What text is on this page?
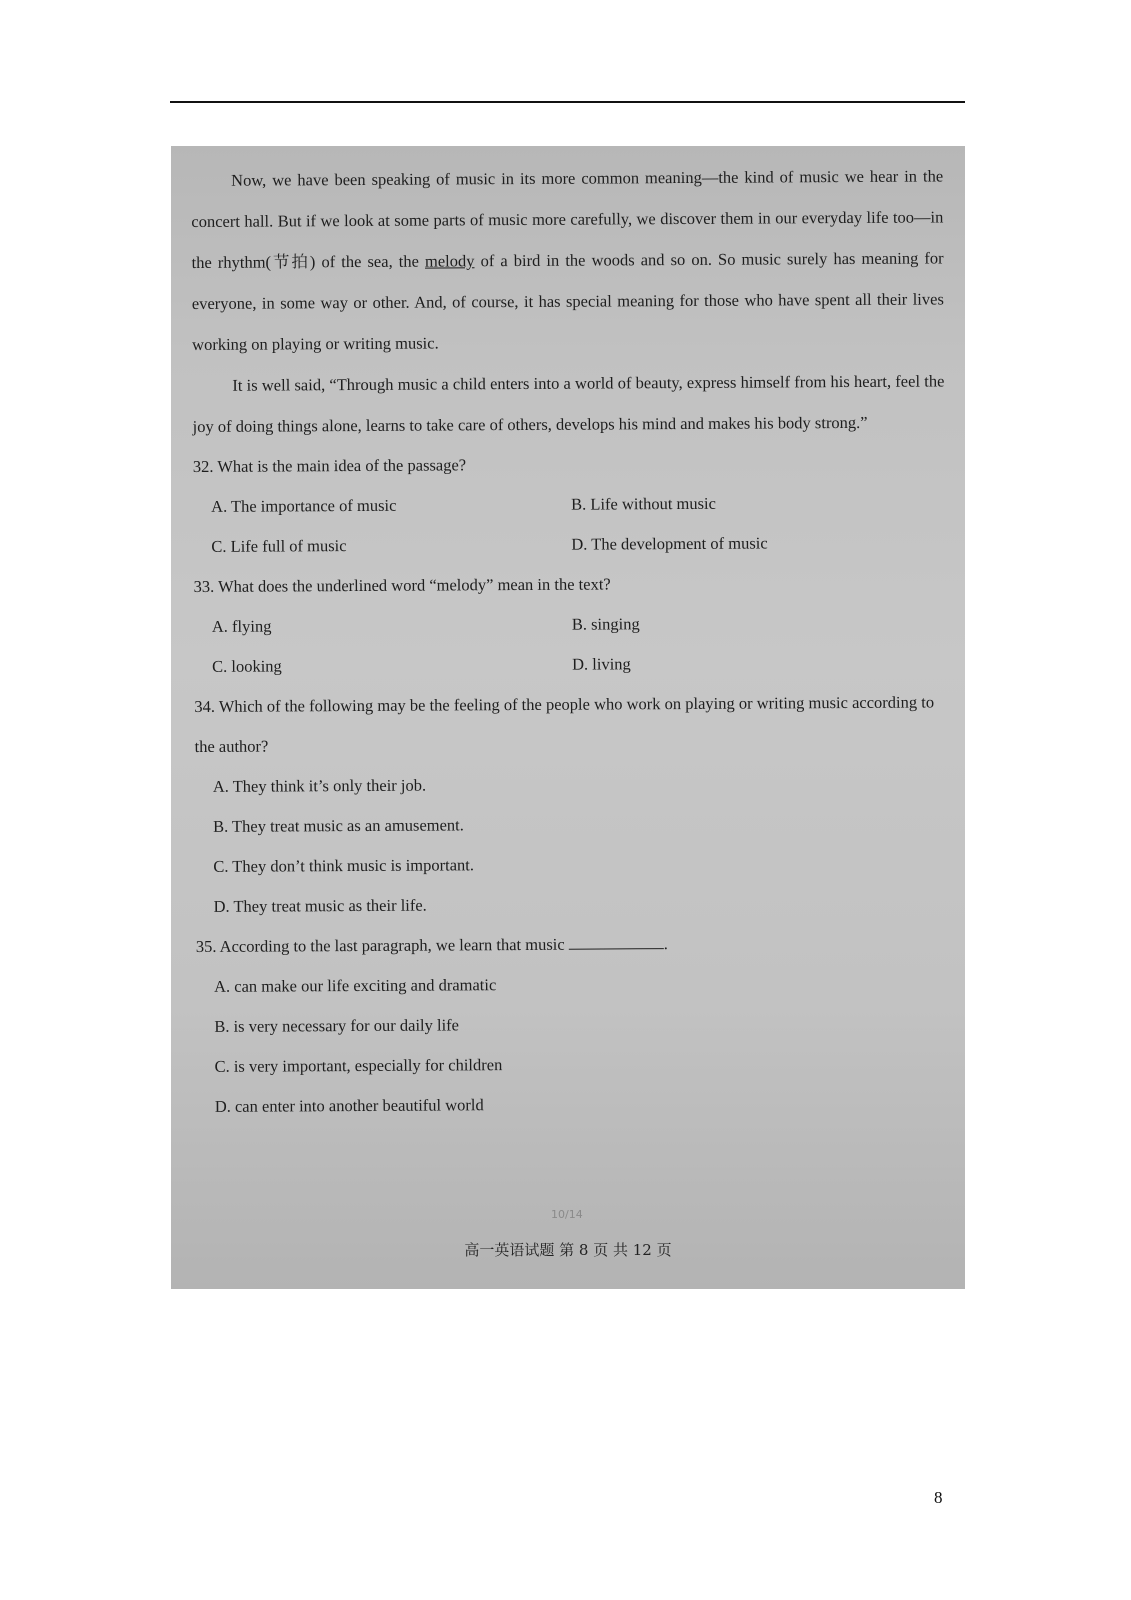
Now, we have been speaking of music in its more common meaning—the kind of music we hear in the concert hall. But if we look at some parts of music more carefully, we discover them in our everyday life too—in the rhythm(节拍) of the sea, the melody of a bird in the woods and so on. So music surely has meaning for everyone, in some way or other. And, of course, it has special meaning for those who have spent all their lives working on playing or writing music.

It is well said, “Through music a child enters into a world of beauty, express himself from his heart, feel the joy of doing things alone, learns to take care of others, develops his mind and makes his body strong.”

32. What is the main idea of the passage?

A. The importance of music	B. Life without music
C. Life full of music	D. The development of music

33. What does the underlined word “melody” mean in the text?

A. flying	B. singing
C. looking	D. living

34. Which of the following may be the feeling of the people who work on playing or writing music according to the author?

A. They think it’s only their job.
B. They treat music as an amusement.
C. They don’t think music is important.
D. They treat music as their life.

35. According to the last paragraph, we learn that music	.

A. can make our life exciting and dramatic
B. is very necessary for our daily life
C. is very important, especially for children
D. can enter into another beautiful world
10/14
高一英语试题 第 8 页 共 12 页
8
